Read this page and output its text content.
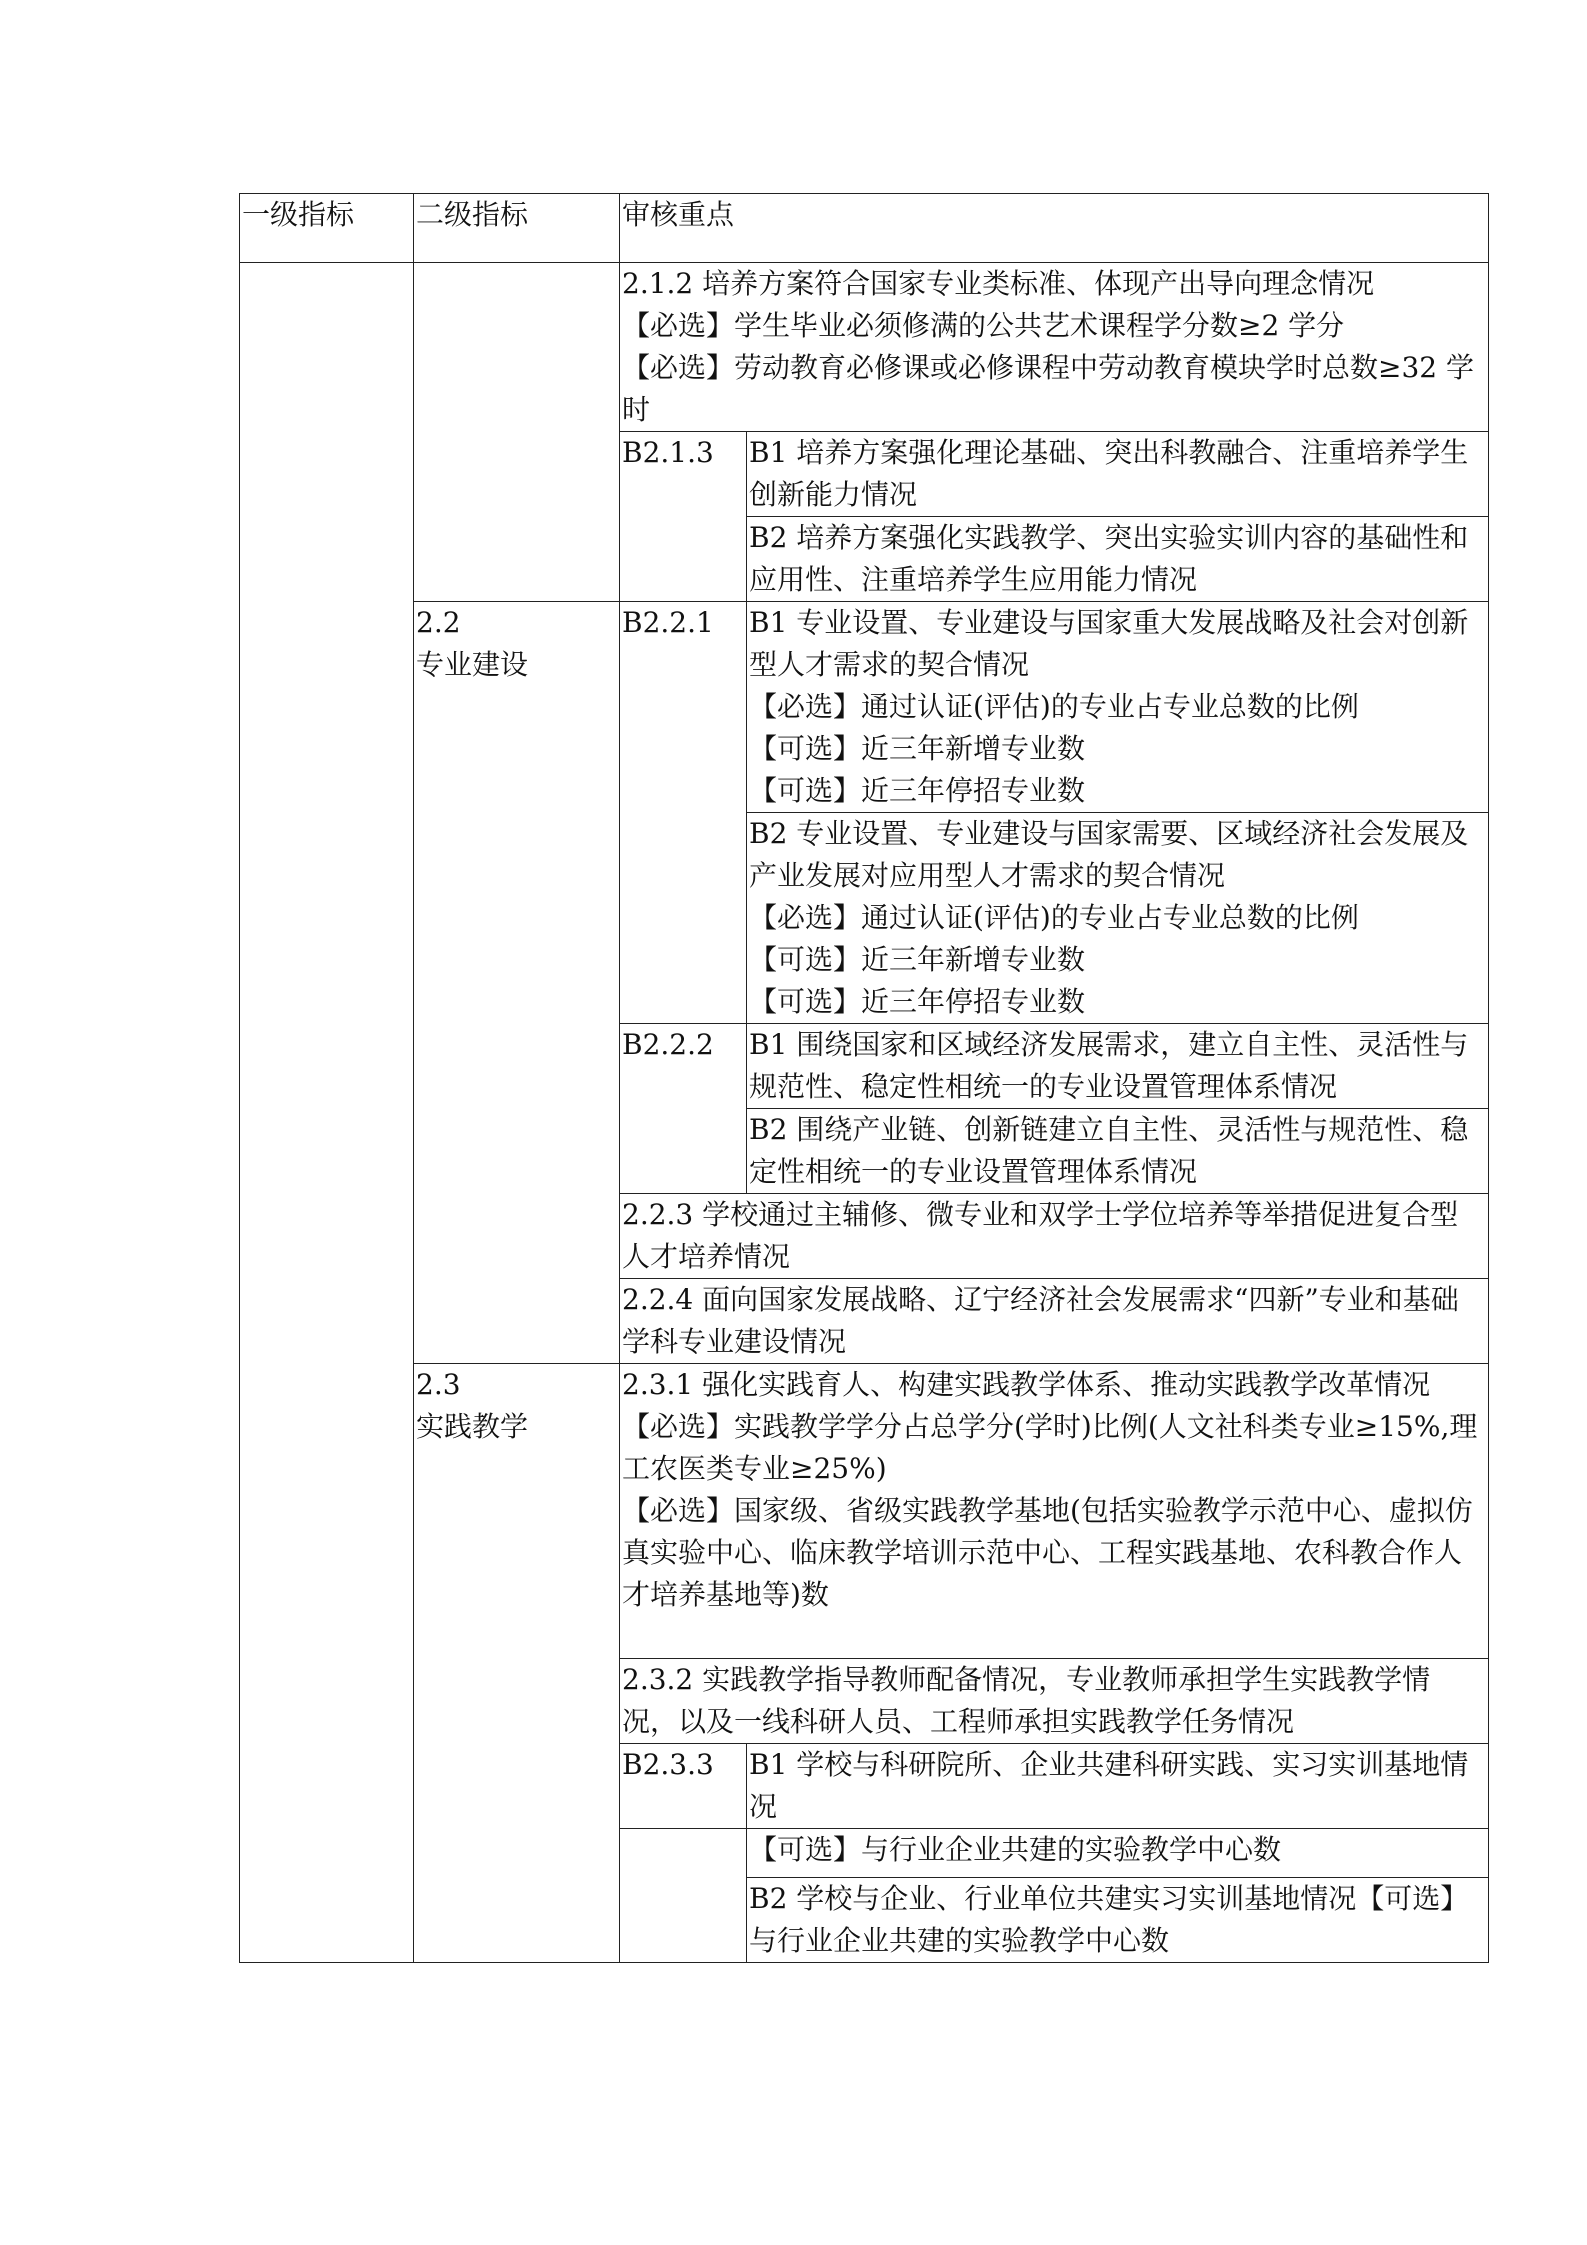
一级指标	二级指标	审核重点	

		2.1.2 培养方案符合国家专业类标准、体现产出导向理念情况
【必选】学生毕业必须修满的公共艺术课程学分数≥2 学分
【必选】劳动教育必修课或必修课程中劳动教育模块学时总数≥32 学时	

		B2.1.3	B1 培养方案强化理论基础、突出科教融合、注重培养学生创新能力情况
			B2 培养方案强化实践教学、突出实验实训内容的基础性和应用性、注重培养学生应用能力情况

	2.2
专业建设	B2.2.1	B1 专业设置、专业建设与国家重大发展战略及社会对创新型人才需求的契合情况
【必选】通过认证(评估)的专业占专业总数的比例
【可选】近三年新增专业数
【可选】近三年停招专业数

			B2 专业设置、专业建设与国家需要、区域经济社会发展及产业发展对应用型人才需求的契合情况
【必选】通过认证(评估)的专业占专业总数的比例
【可选】近三年新增专业数
【可选】近三年停招专业数

		B2.2.2	B1 围绕国家和区域经济发展需求，建立自主性、灵活性与规范性、稳定性相统一的专业设置管理体系情况
			B2 围绕产业链、创新链建立自主性、灵活性与规范性、稳定性相统一的专业设置管理体系情况
		2.2.3 学校通过主辅修、微专业和双学士学位培养等举措促进复合型人才培养情况	
		2.2.4 面向国家发展战略、辽宁经济社会发展需求“四新”专业和基础学科专业建设情况	

	2.3
实践教学	2.3.1 强化实践育人、构建实践教学体系、推动实践教学改革情况
【必选】实践教学学分占总学分(学时)比例(人文社科类专业≥15%,理工农医类专业≥25%)
【必选】国家级、省级实践教学基地(包括实验教学示范中心、虚拟仿真实验中心、临床教学培训示范中心、工程实践基地、农科教合作人才培养基地等)数	

		2.3.2 实践教学指导教师配备情况，专业教师承担学生实践教学情况，以及一线科研人员、工程师承担实践教学任务情况	
		B2.3.3	B1 学校与科研院所、企业共建科研实践、实习实训基地情况
			【可选】与行业企业共建的实验教学中心数
			B2 学校与企业、行业单位共建实习实训基地情况【可选】与行业企业共建的实验教学中心数
